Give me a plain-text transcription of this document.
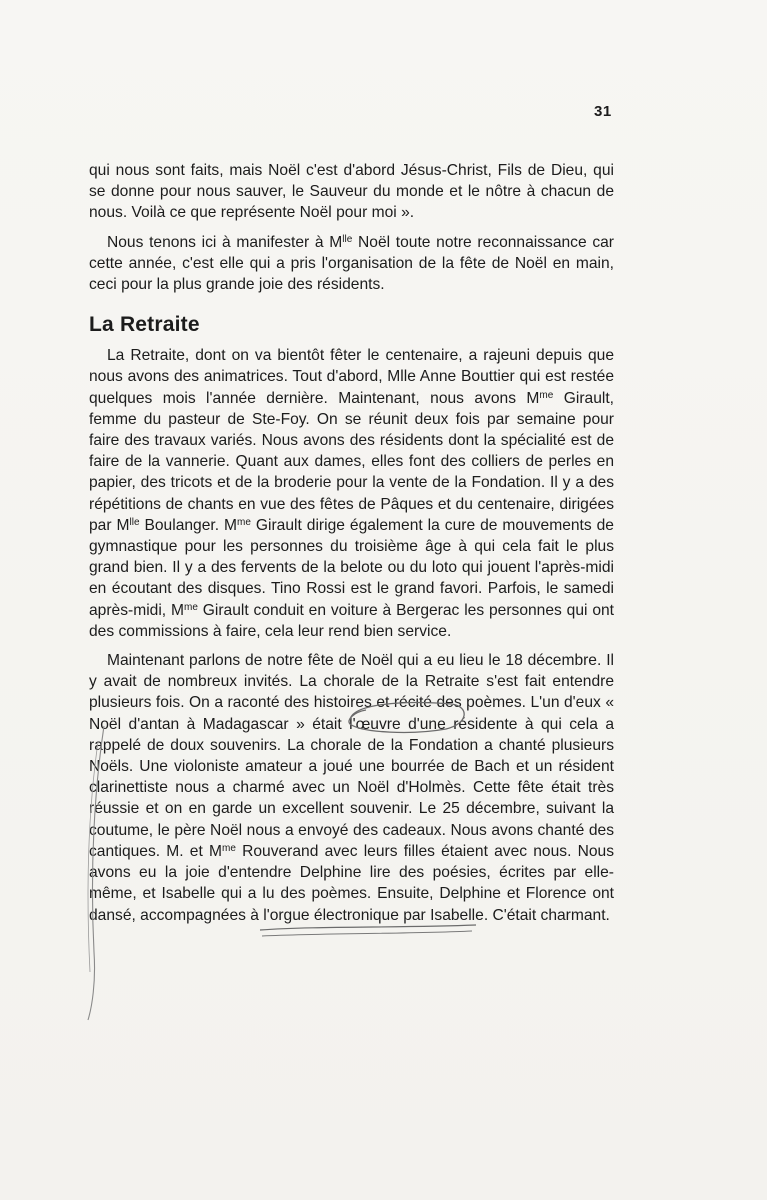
31

qui nous sont faits, mais Noël c'est d'abord Jésus-Christ, Fils de Dieu, qui se donne pour nous sauver, le Sauveur du monde et le nôtre à chacun de nous. Voilà ce que représente Noël pour moi ».

Nous tenons ici à manifester à $M^{lle}$ Noël toute notre reconnaissance car cette année, c'est elle qui a pris l'organisation de la fête de Noël en main, ceci pour la plus grande joie des résidents.

La Retraite

La Retraite, dont on va bientôt fêter le centenaire, a rajeuni depuis que nous avons des animatrices. Tout d'abord, Mlle Anne Bouttier qui est restée quelques mois l'année dernière. Maintenant, nous avons $M^{me}$ Girault, femme du pasteur de Ste-Foy. On se réunit deux fois par semaine pour faire des travaux variés. Nous avons des résidents dont la spécialité est de faire de la vannerie. Quant aux dames, elles font des colliers de perles en papier, des tricots et de la broderie pour la vente de la Fondation. Il y a des répétitions de chants en vue des fêtes de Pâques et du centenaire, dirigées par $M^{lle}$ Boulanger. $M^{me}$ Girault dirige également la cure de mouvements de gymnastique pour les personnes du troisième âge à qui cela fait le plus grand bien. Il y a des fervents de la belote ou du loto qui jouent l'après-midi en écoutant des disques. Tino Rossi est le grand favori. Parfois, le samedi après-midi, $M^{me}$ Girault conduit en voiture à Bergerac les personnes qui ont des commissions à faire, cela leur rend bien service.

Maintenant parlons de notre fête de Noël qui a eu lieu le 18 décembre. Il y avait de nombreux invités. La chorale de la Retraite s'est fait entendre plusieurs fois. On a raconté des histoires et récité des poèmes. L'un d'eux « Noël d'antan à Madagascar » était l'œuvre d'une résidente à qui cela a rappelé de doux souvenirs. La chorale de la Fondation a chanté plusieurs Noëls. Une violoniste amateur a joué une bourrée de Bach et un résident clarinettiste nous a charmé avec un Noël d'Holmès. Cette fête était très réussie et on en garde un excellent souvenir. Le 25 décembre, suivant la coutume, le père Noël nous a envoyé des cadeaux. Nous avons chanté des cantiques. M. et $M^{me}$ Rouverand avec leurs filles étaient avec nous. Nous avons eu la joie d'entendre Delphine lire des poésies, écrites par elle-même, et Isabelle qui a lu des poèmes. Ensuite, Delphine et Florence ont dansé, accompagnées à l'orgue électronique par Isabelle. C'était charmant.
